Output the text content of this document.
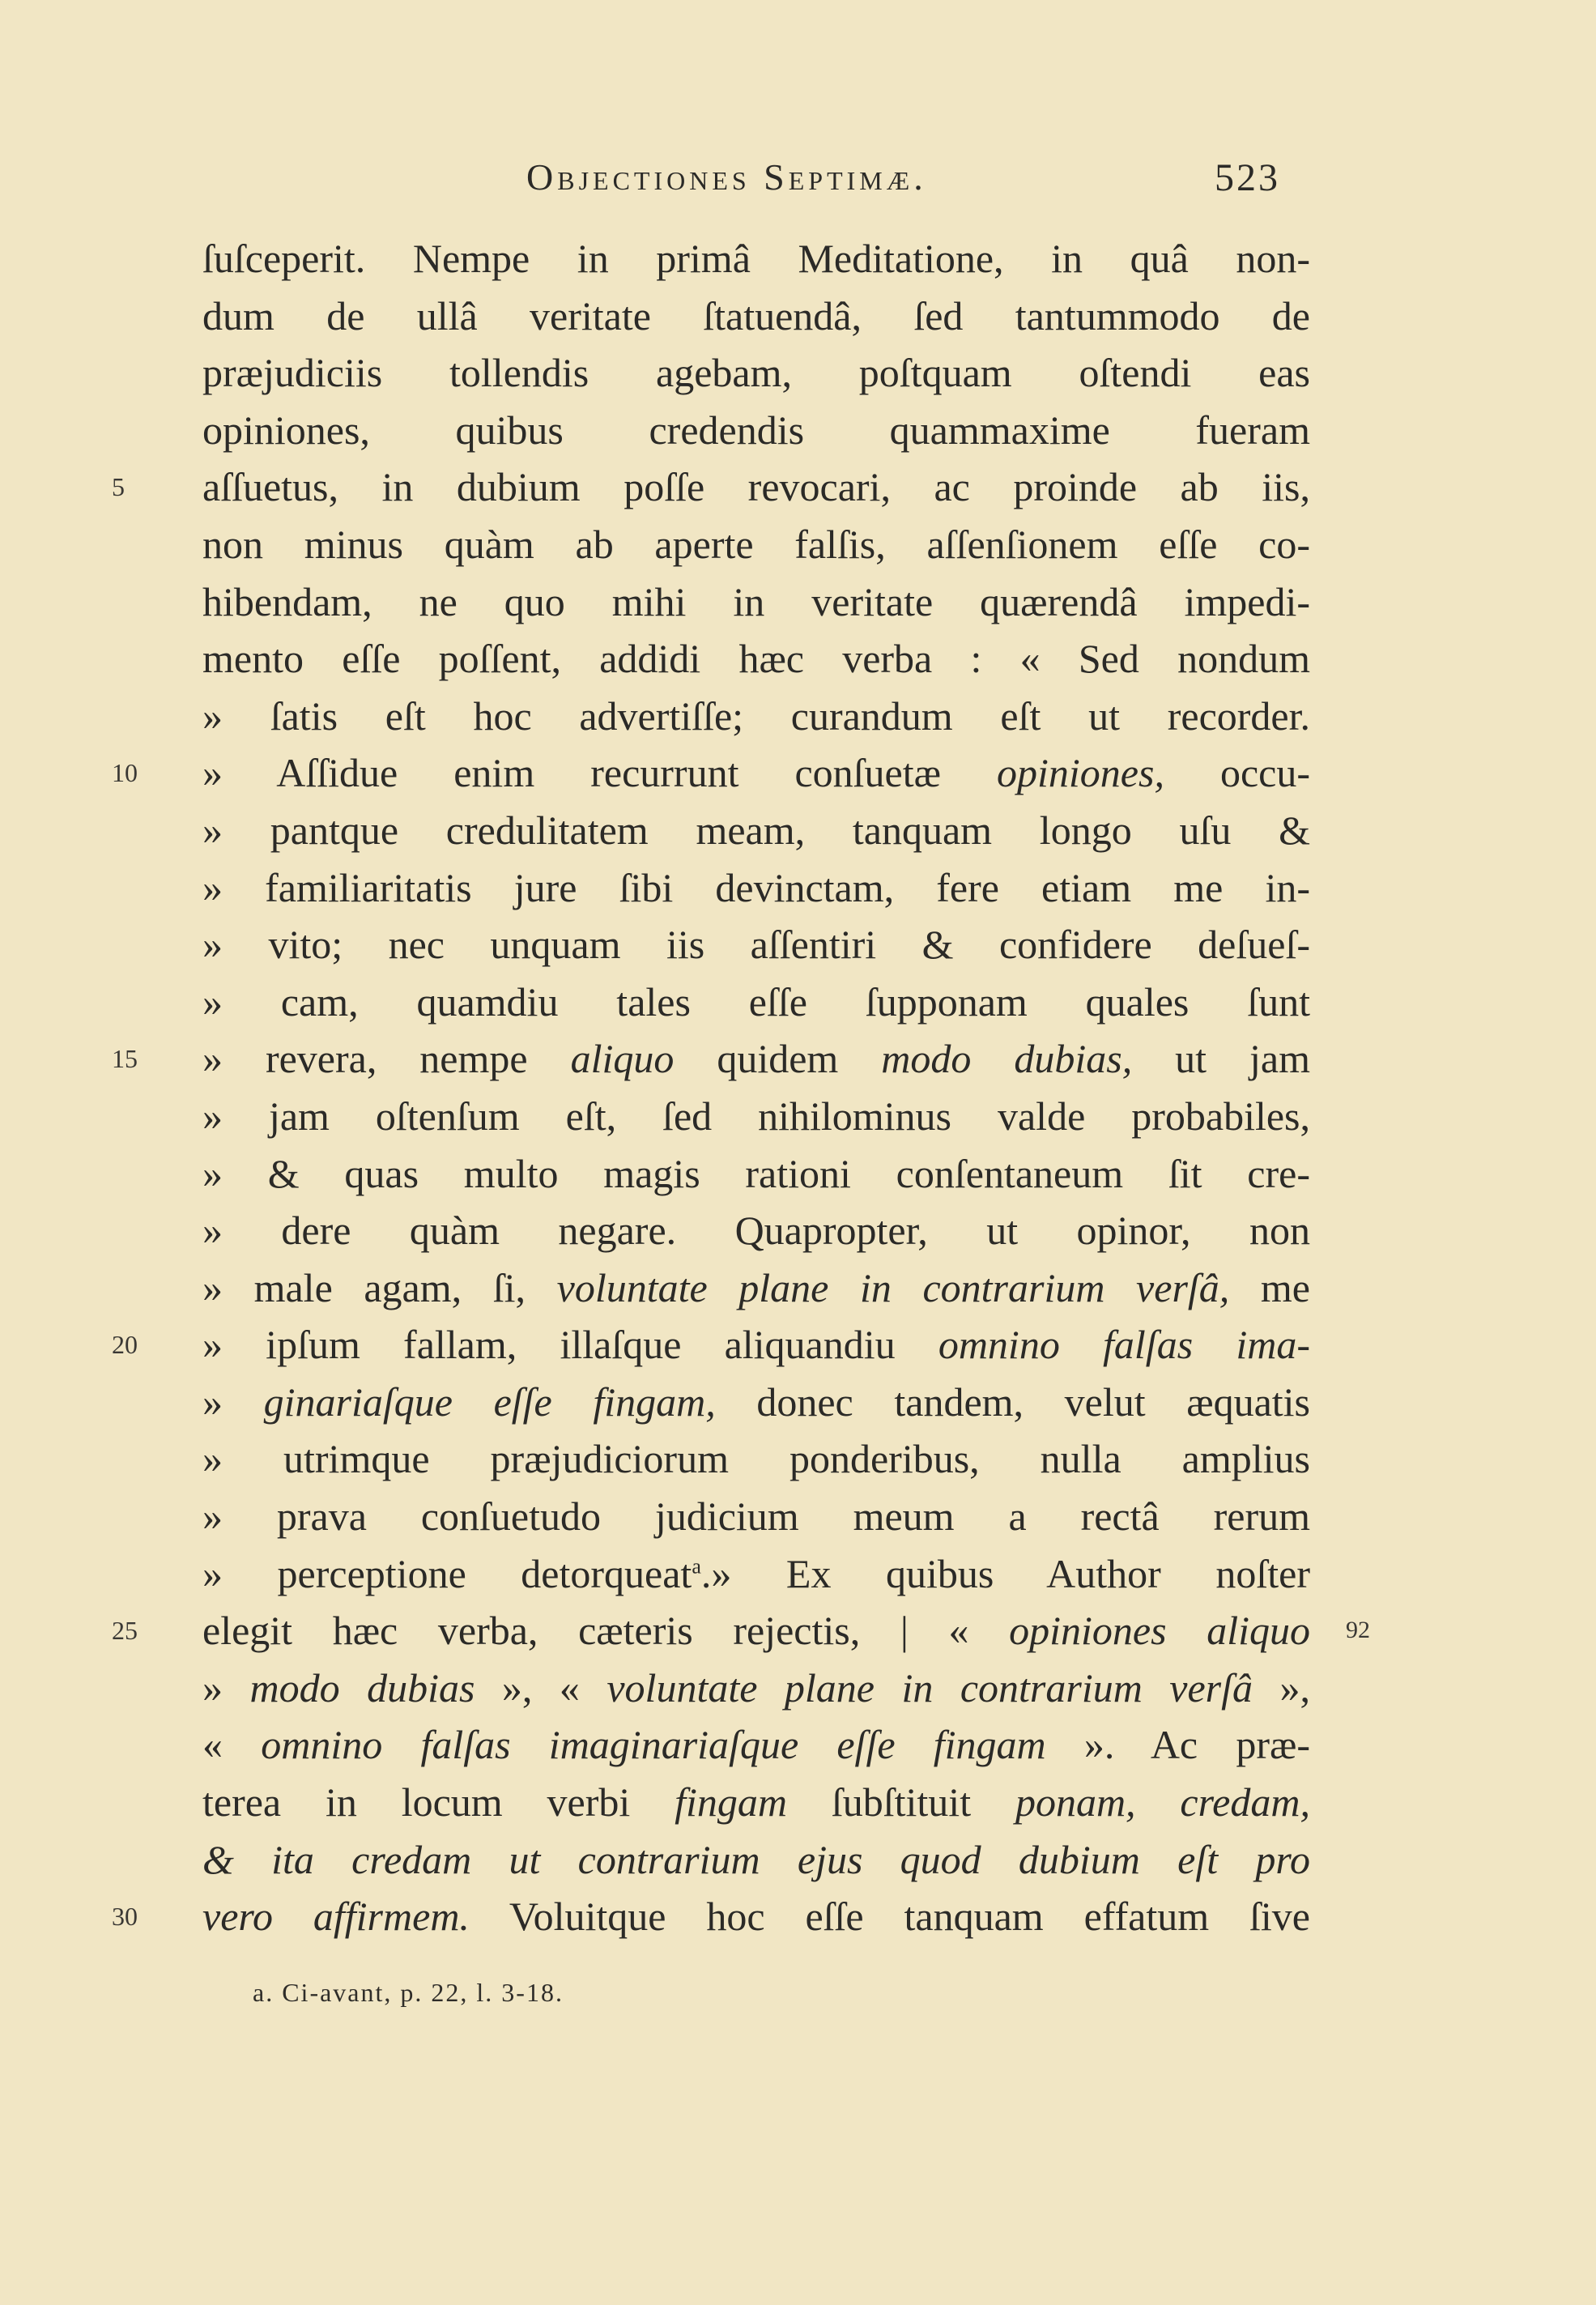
Objectiones Septimæ.	523
ſuſceperit. Nempe in primâ Meditatione, in quâ non-
dum de ullâ veritate ſtatuendâ, ſed tantummodo de
præjudiciis tollendis agebam, poſtquam oſtendi eas
opiniones, quibus credendis quammaxime fueram
5	aſſuetus, in dubium poſſe revocari, ac proinde ab iis,
non minus quàm ab aperte falſis, aſſenſionem eſſe co-
hibendam, ne quo mihi in veritate quærendâ impedi-
mento eſſe poſſent, addidi hæc verba : « Sed nondum
» ſatis eſt hoc advertiſſe; curandum eſt ut recorder.
10	» Aſſidue enim recurrunt conſuetæ opiniones, occu-
» pantque credulitatem meam, tanquam longo uſu &
» familiaritatis jure ſibi devinctam, fere etiam me in-
» vito; nec unquam iis aſſentiri & confidere deſueſ-
» cam, quamdiu tales eſſe ſupponam quales ſunt
15	» revera, nempe aliquo quidem modo dubias, ut jam
» jam oſtenſum eſt, ſed nihilominus valde probabiles,
» & quas multo magis rationi conſentaneum ſit cre-
» dere quàm negare. Quapropter, ut opinor, non
» male agam, ſi, voluntate plane in contrarium verſâ, me
20	» ipſum fallam, illaſque aliquandiu omnino falſas ima-
» ginariaſque eſſe fingam, donec tandem, velut æquatis
» utrimque præjudiciorum ponderibus, nulla amplius
» prava conſuetudo judicium meum a rectâ rerum
» perceptione detorqueat$^a$.» Ex quibus Author noſter
25	elegit hæc verba, cæteris rejectis, | « opiniones aliquo 92
» modo dubias », « voluntate plane in contrarium verſâ »,
« omnino falſas imaginariaſque eſſe fingam ». Ac præ-
terea in locum verbi fingam ſubſtituit ponam, credam,
& ita credam ut contrarium ejus quod dubium eſt pro
30	vero affirmem. Voluitque hoc eſſe tanquam effatum ſive
a. Ci-avant, p. 22, l. 3-18.
